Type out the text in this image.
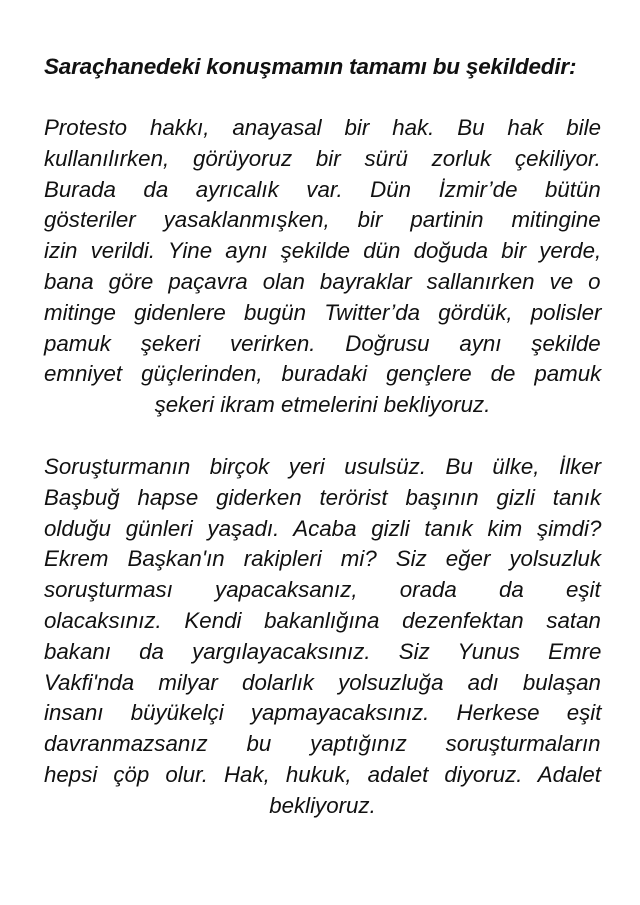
Saraçhanedeki konuşmamın tamamı bu şekildedir:
Protesto hakkı, anayasal bir hak. Bu hak bile
kullanılırken, görüyoruz bir sürü zorluk çekiliyor.
Burada da ayrıcalık var. Dün İzmir’de bütün
gösteriler yasaklanmışken, bir partinin mitingine
izin verildi. Yine aynı şekilde dün doğuda bir yerde,
bana göre paçavra olan bayraklar sallanırken ve o
mitinge gidenlere bugün Twitter’da gördük, polisler
pamuk şekeri verirken. Doğrusu aynı şekilde
emniyet güçlerinden, buradaki gençlere de pamuk
şekeri ikram etmelerini bekliyoruz.
Soruşturmanın birçok yeri usulsüz. Bu ülke, İlker
Başbuğ hapse giderken terörist başının gizli tanık
olduğu günleri yaşadı. Acaba gizli tanık kim şimdi?
Ekrem Başkan'ın rakipleri mi? Siz eğer yolsuzluk
soruşturması yapacaksanız, orada da eşit
olacaksınız. Kendi bakanlığına dezenfektan satan
bakanı da yargılayacaksınız. Siz Yunus Emre
Vakfi'nda milyar dolarlık yolsuzluğa adı bulaşan
insanı büyükelçi yapmayacaksınız. Herkese eşit
davranmazsanız bu yaptığınız soruşturmaların
hepsi çöp olur. Hak, hukuk, adalet diyoruz. Adalet
bekliyoruz.
